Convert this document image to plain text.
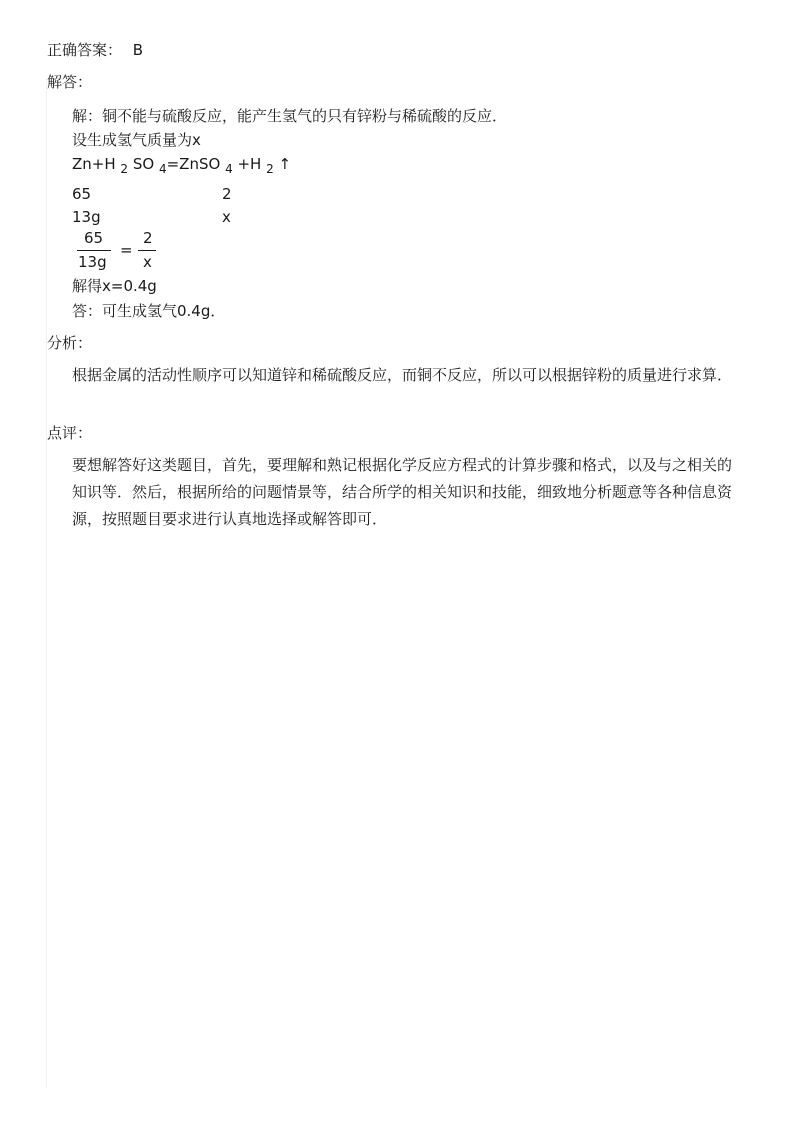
正确答案： B
解答：
解：铜不能与硫酸反应，能产生氢气的只有锌粉与稀硫酸的反应．
设生成氢气质量为x
Zn+H $_2$ SO $_4$=ZnSO $_4$ +H $_2$ ↑
65	2
13g	x
65
13g
=
2
x
解得x=0.4g
答：可生成氢气0.4g．
分析：
根据金属的活动性顺序可以知道锌和稀硫酸反应，而铜不反应，所以可以根据锌粉的质量进行求算．
点评：
要想解答好这类题目，首先，要理解和熟记根据化学反应方程式的计算步骤和格式，以及与之相关的知识等．然后，根据所给的问题情景等，结合所学的相关知识和技能，细致地分析题意等各种信息资源，按照题目要求进行认真地选择或解答即可．
